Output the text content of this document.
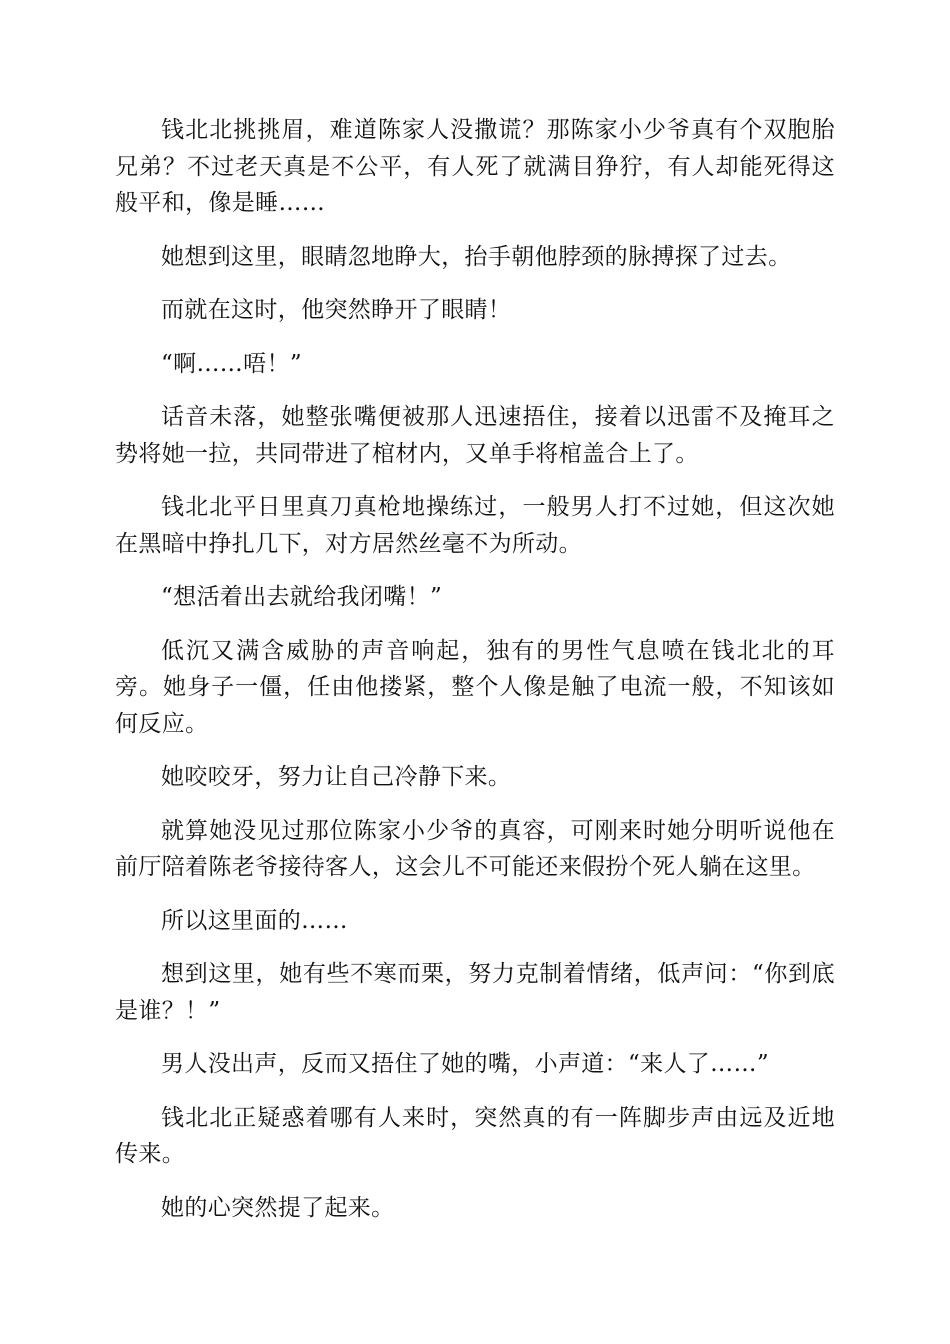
钱北北挑挑眉，难道陈家人没撒谎？那陈家小少爷真有个双胞胎兄弟？不过老天真是不公平，有人死了就满目狰狞，有人却能死得这般平和，像是睡……

她想到这里，眼睛忽地睁大，抬手朝他脖颈的脉搏探了过去。

而就在这时，他突然睁开了眼睛！

“啊……唔！”

话音未落，她整张嘴便被那人迅速捂住，接着以迅雷不及掩耳之势将她一拉，共同带进了棺材内，又单手将棺盖合上了。

钱北北平日里真刀真枪地操练过，一般男人打不过她，但这次她在黑暗中挣扎几下，对方居然丝毫不为所动。

“想活着出去就给我闭嘴！”

低沉又满含威胁的声音响起，独有的男性气息喷在钱北北的耳旁。她身子一僵，任由他搂紧，整个人像是触了电流一般，不知该如何反应。

她咬咬牙，努力让自己冷静下来。

就算她没见过那位陈家小少爷的真容，可刚来时她分明听说他在前厅陪着陈老爷接待客人，这会儿不可能还来假扮个死人躺在这里。

所以这里面的……

想到这里，她有些不寒而栗，努力克制着情绪，低声问：“你到底是谁？！”

男人没出声，反而又捂住了她的嘴，小声道：“来人了……”

钱北北正疑惑着哪有人来时，突然真的有一阵脚步声由远及近地传来。

她的心突然提了起来。
